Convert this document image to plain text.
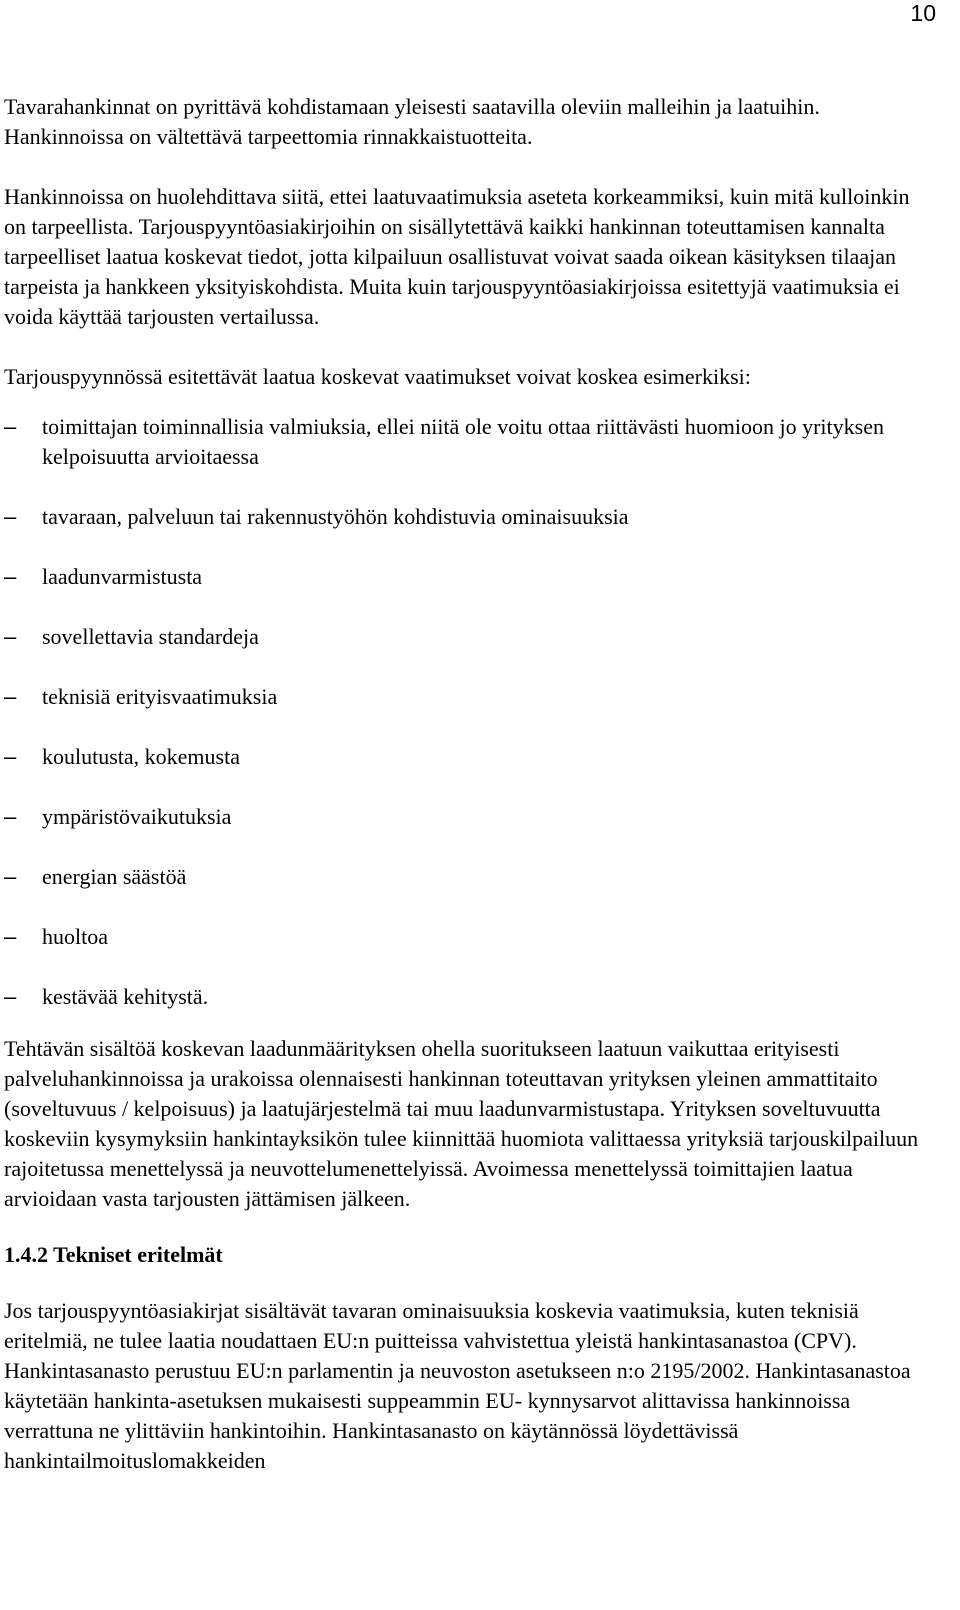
10

Tavarahankinnat on pyrittävä kohdistamaan yleisesti saatavilla oleviin malleihin ja laatuihin. Hankinnoissa on vältettävä tarpeettomia rinnakkaistuotteita.

Hankinnoissa on huolehdittava siitä, ettei laatuvaatimuksia aseteta korkeammiksi, kuin mitä kulloinkin on tarpeellista. Tarjouspyyntöasiakirjoihin on sisällytettävä kaikki hankinnan toteuttamisen kannalta tarpeelliset laatua koskevat tiedot, jotta kilpailuun osallistuvat voivat saada oikean käsityksen tilaajan tarpeista ja hankkeen yksityiskohdista. Muita kuin tarjouspyyntöasiakirjoissa esitettyjä vaatimuksia ei voida käyttää tarjousten vertailussa.

Tarjouspyynnössä esitettävät laatua koskevat vaatimukset voivat koskea esimerkiksi:

– toimittajan toiminnallisia valmiuksia, ellei niitä ole voitu ottaa riittävästi huomioon jo yrityksen kelpoisuutta arvioitaessa
– tavaraan, palveluun tai rakennustyöhön kohdistuvia ominaisuuksia
– laadunvarmistusta
– sovellettavia standardeja
– teknisiä erityisvaatimuksia
– koulutusta, kokemusta
– ympäristövaikutuksia
– energian säästöä
– huoltoa
– kestävää kehitystä.

Tehtävän sisältöä koskevan laadunmäärityksen ohella suoritukseen laatuun vaikuttaa erityisesti palveluhankinnoissa ja urakoissa olennaisesti hankinnan toteuttavan yrityksen yleinen ammattitaito (soveltuvuus / kelpoisuus) ja laatujärjestelmä tai muu laadunvarmistustapa. Yrityksen soveltuvuutta koskeviin kysymyksiin hankintayksikön tulee kiinnittää huomiota valittaessa yrityksiä tarjouskilpailuun rajoitetussa menettelyssä ja neuvottelumenettelyissä. Avoimessa menettelyssä toimittajien laatua arvioidaan vasta tarjousten jättämisen jälkeen.

1.4.2 Tekniset eritelmät

Jos tarjouspyyntöasiakirjat sisältävät tavaran ominaisuuksia koskevia vaatimuksia, kuten teknisiä eritelmiä, ne tulee laatia noudattaen EU:n puitteissa vahvistettua yleistä hankintasanastoa (CPV). Hankintasanasto perustuu EU:n parlamentin ja neuvoston asetukseen n:o 2195/2002. Hankintasanastoa käytetään hankinta-asetuksen mukaisesti suppeammin EU- kynnysarvot alittavissa hankinnoissa verrattuna ne ylittäviin hankintoihin. Hankintasanasto on käytännössä löydettävissä hankintailmoituslomakkeiden
